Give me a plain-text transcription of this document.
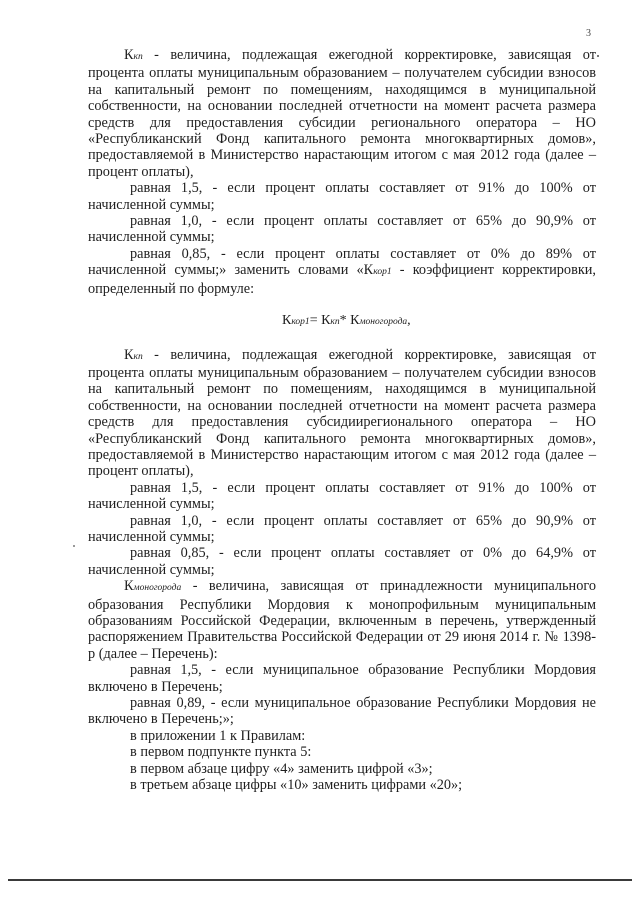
3

Ккп - величина, подлежащая ежегодной корректировке, зависящая от процента оплаты муниципальным образованием – получателем субсидии взносов на капитальный ремонт по помещениям, находящимся в муниципальной собственности, на основании последней отчетности на момент расчета размера средств для предоставления субсидии регионального оператора – НО «Республиканский Фонд капитального ремонта многоквартирных домов», предоставляемой в Министерство нарастающим итогом с мая 2012 года (далее – процент оплаты),

равная 1,5, - если процент оплаты составляет от 91% до 100% от начисленной суммы;

равная 1,0, - если процент оплаты составляет от 65% до 90,9% от начисленной суммы;

равная 0,85, - если процент оплаты составляет от 0% до 89% от начисленной суммы;» заменить словами «Ккор1 - коэффициент корректировки, определенный по формуле:

Ккор1= Ккп* Кмоногорода,

Ккп - величина, подлежащая ежегодной корректировке, зависящая от процента оплаты муниципальным образованием – получателем субсидии взносов на капитальный ремонт по помещениям, находящимся в муниципальной собственности, на основании последней отчетности на момент расчета размера средств для предоставления субсидиирегионального оператора – НО «Республиканский Фонд капитального ремонта многоквартирных домов», предоставляемой в Министерство нарастающим итогом с мая 2012 года (далее – процент оплаты),

равная 1,5, - если процент оплаты составляет от 91% до 100% от начисленной суммы;

равная 1,0, - если процент оплаты составляет от 65% до 90,9% от начисленной суммы;

равная 0,85, - если процент оплаты составляет от 0% до 64,9% от начисленной суммы;

Кмоногорода - величина, зависящая от принадлежности муниципального образования Республики Мордовия к монопрофильным муниципальным образованиям Российской Федерации, включенным в перечень, утвержденный распоряжением Правительства Российской Федерации от 29 июня 2014 г. № 1398-р (далее – Перечень):

равная 1,5, - если муниципальное образование Республики Мордовия включено в Перечень;

равная 0,89, - если муниципальное образование Республики Мордовия не включено в Перечень;»;

в приложении 1 к Правилам:

в первом подпункте пункта 5:

в первом абзаце цифру «4» заменить цифрой «3»;

в третьем абзаце цифры «10» заменить цифрами «20»;
